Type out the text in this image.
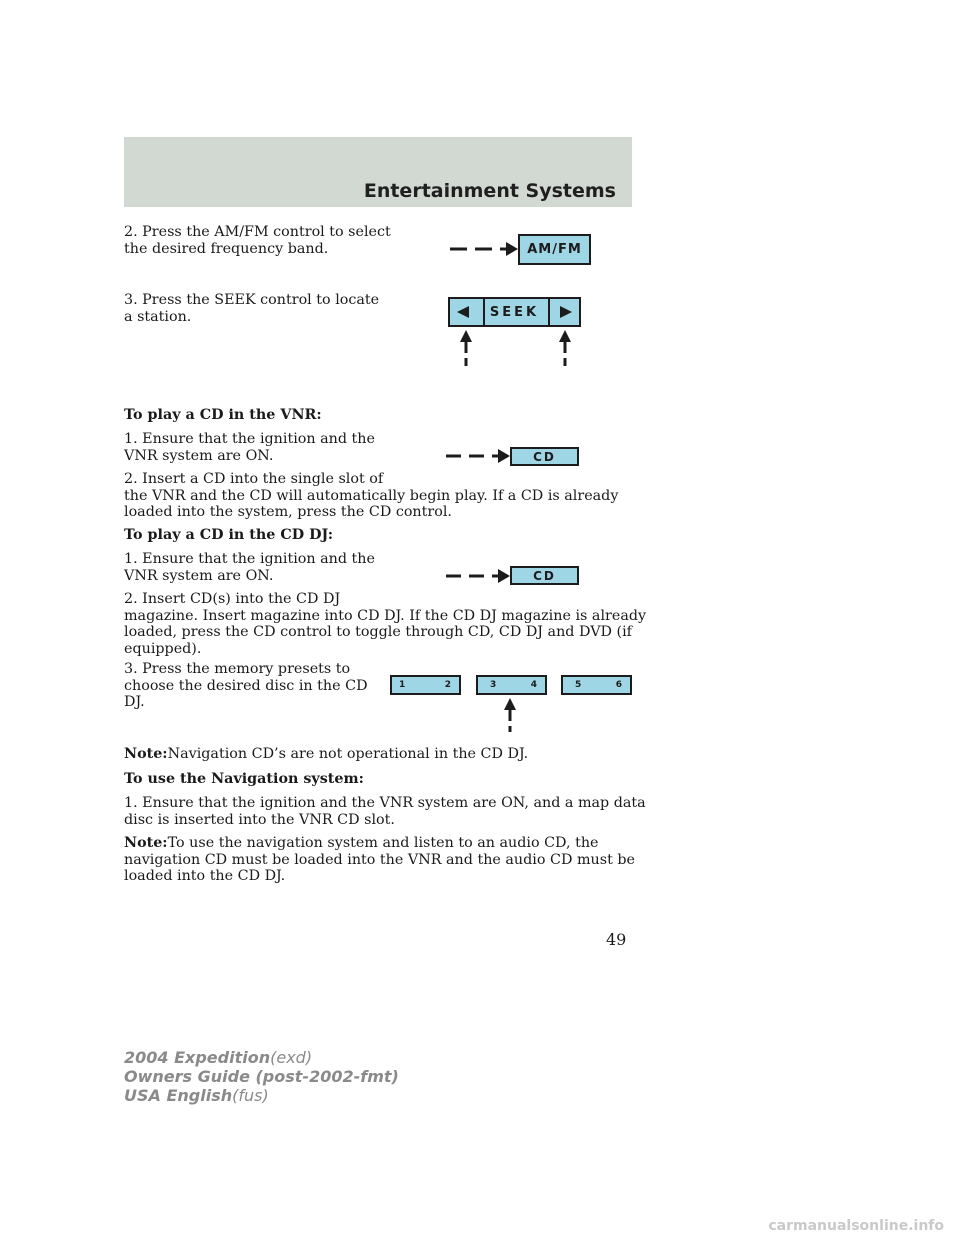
Entertainment Systems
2. Press the AM/FM control to select
the desired frequency band.
3. Press the SEEK control to locate
a station.
To play a CD in the VNR:
1. Ensure that the ignition and the
VNR system are ON.
2. Insert a CD into the single slot of
the VNR and the CD will automatically begin play. If a CD is already
loaded into the system, press the CD control.
To play a CD in the CD DJ:
1. Ensure that the ignition and the
VNR system are ON.
2. Insert CD(s) into the CD DJ
magazine. Insert magazine into CD DJ. If the CD DJ magazine is already
loaded, press the CD control to toggle through CD, CD DJ and DVD (if
equipped).
3. Press the memory presets to
choose the desired disc in the CD
DJ.
Note:Navigation CD’s are not operational in the CD DJ.
To use the Navigation system:
1. Ensure that the ignition and the VNR system are ON, and a map data
disc is inserted into the VNR CD slot.
Note:To use the navigation system and listen to an audio CD, the
navigation CD must be loaded into the VNR and the audio CD must be
loaded into the CD DJ.
AM/FM
SEEK
CD
CD
1	2	3	4	5	6
49
2004 Expedition(exd)
Owners Guide (post-2002-fmt)
USA English(fus)
carmanualsonline.info
